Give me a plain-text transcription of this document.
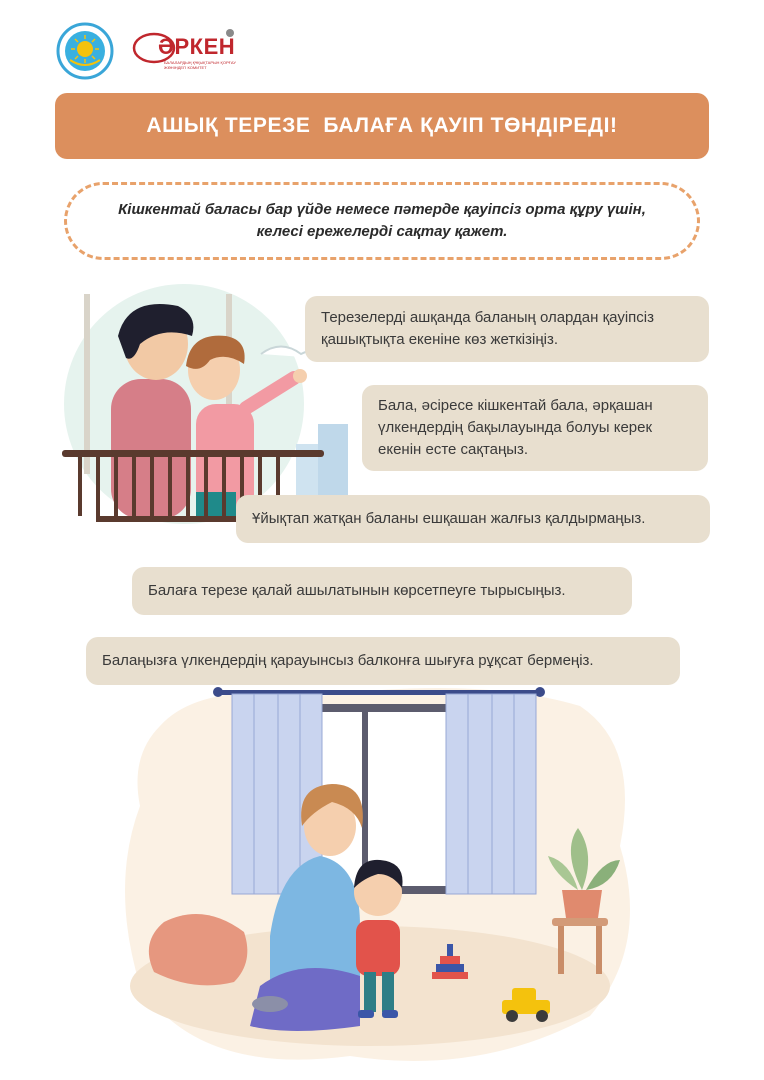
ӘРКЕН
БАЛАЛАРДЫҢ ҚҰҚЫҚТАРЫН ҚОРҒАУ ЖӨНІНДЕГІ КОМИТЕТ
АШЫҚ ТЕРЕЗЕ  БАЛАҒА ҚАУІП ТӨНДІРЕДІ!
Кішкентай баласы бар үйде немесе пәтерде қауіпсіз орта құру үшін,
келесі ережелерді сақтау қажет.
Терезелерді ашқанда баланың олардан қауіпсіз
қашықтықта екеніне көз жеткізіңіз.
Бала, әсіресе кішкентай бала, әрқашан
үлкендердің бақылауында болуы керек
екенін есте сақтаңыз.
Ұйықтап жатқан баланы ешқашан жалғыз қалдырмаңыз.
Балаға терезе қалай ашылатынын көрсетпеуге тырысыңыз.
Балаңызға үлкендердің қарауынсыз балконға шығуға рұқсат бермеңіз.
